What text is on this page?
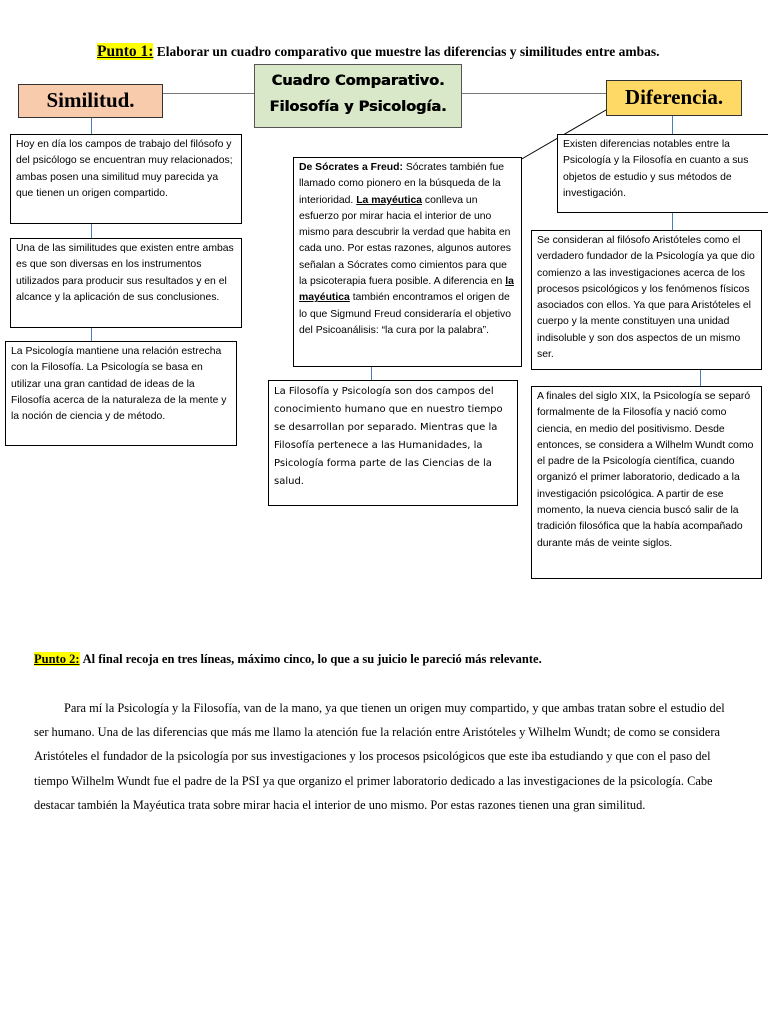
Punto 1: Elaborar un cuadro comparativo que muestre las diferencias y similitudes entre ambas.
Cuadro Comparativo.
Filosofía y Psicología.
Similitud.	Diferencia.
Hoy en día los campos de trabajo del filósofo y del psicólogo se encuentran muy relacionados; ambas posen una similitud muy parecida ya que tienen un origen compartido.
Una de las similitudes que existen entre ambas es que son diversas en los instrumentos utilizados para producir sus resultados y en el alcance y la aplicación de sus conclusiones.
La Psicología mantiene una relación estrecha con la Filosofía. La Psicología se basa en utilizar una gran cantidad de ideas de la Filosofía acerca de la naturaleza de la mente y la noción de ciencia y de método.
De Sócrates a Freud: Sócrates también fue llamado como pionero en la búsqueda de la interioridad. La mayéutica conlleva un esfuerzo por mirar hacia el interior de uno mismo para descubrir la verdad que habita en cada uno. Por estas razones, algunos autores señalan a Sócrates como cimientos para que la psicoterapia fuera posible. A diferencia en la mayéutica también encontramos el origen de lo que Sigmund Freud consideraría el objetivo del Psicoanálisis: “la cura por la palabra”.
La Filosofía y Psicología son dos campos del conocimiento humano que en nuestro tiempo se desarrollan por separado. Mientras que la Filosofía pertenece a las Humanidades, la Psicología forma parte de las Ciencias de la salud.
Existen diferencias notables entre la Psicología y la Filosofía en cuanto a sus objetos de estudio y sus métodos de investigación.
Se consideran al filósofo Aristóteles como el verdadero fundador de la Psicología ya que dio comienzo a las investigaciones acerca de los procesos psicológicos y los fenómenos físicos asociados con ellos. Ya que para Aristóteles el cuerpo y la mente constituyen una unidad indisoluble y son dos aspectos de un mismo ser.
A finales del siglo XIX, la Psicología se separó formalmente de la Filosofía y nació como ciencia, en medio del positivismo. Desde entonces, se considera a Wilhelm Wundt como el padre de la Psicología científica, cuando organizó el primer laboratorio, dedicado a la investigación psicológica. A partir de ese momento, la nueva ciencia buscó salir de la tradición filosófica que la había acompañado durante más de veinte siglos.
Punto 2: Al final recoja en tres líneas, máximo cinco, lo que a su juicio le pareció más relevante.

Para mí la Psicología y la Filosofía, van de la mano, ya que tienen un origen muy compartido, y que ambas tratan sobre el estudio del ser humano. Una de las diferencias que más me llamo la atención fue la relación entre Aristóteles y Wilhelm Wundt; de como se considera Aristóteles el fundador de la psicología por sus investigaciones y los procesos psicológicos que este iba estudiando y que con el paso del tiempo Wilhelm Wundt fue el padre de la PSI ya que organizo el primer laboratorio dedicado a las investigaciones de la psicología. Cabe destacar también la Mayéutica trata sobre mirar hacia el interior de uno mismo. Por estas razones tienen una gran similitud.
